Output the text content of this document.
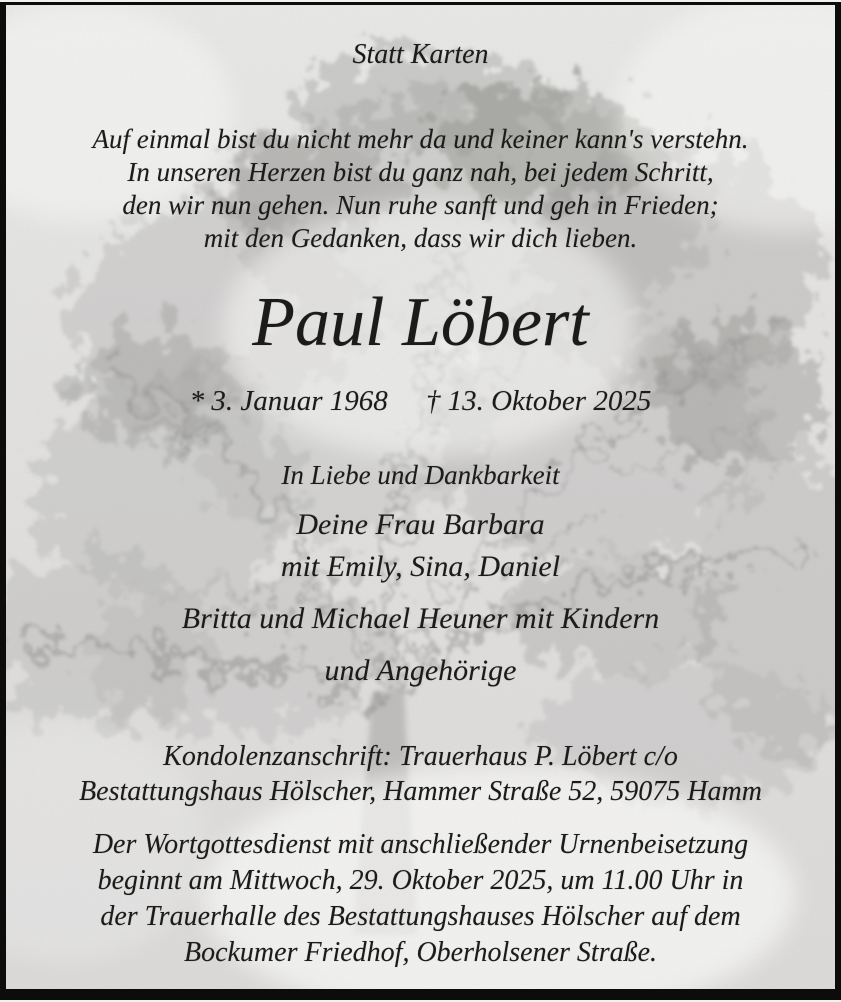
Statt Karten
Auf einmal bist du nicht mehr da und keiner kann's verstehn.
In unseren Herzen bist du ganz nah, bei jedem Schritt,
den wir nun gehen. Nun ruhe sanft und geh in Frieden;
mit den Gedanken, dass wir dich lieben.
Paul Löbert
* 3. Januar 1968 † 13. Oktober 2025
In Liebe und Dankbarkeit
Deine Frau Barbara
mit Emily, Sina, Daniel
Britta und Michael Heuner mit Kindern
und Angehörige
Kondolenzanschrift: Trauerhaus P. Löbert c/o
Bestattungshaus Hölscher, Hammer Straße 52, 59075 Hamm
Der Wortgottesdienst mit anschließender Urnenbeisetzung
beginnt am Mittwoch, 29. Oktober 2025, um 11.00 Uhr in
der Trauerhalle des Bestattungshauses Hölscher auf dem
Bockumer Friedhof, Oberholsener Straße.
